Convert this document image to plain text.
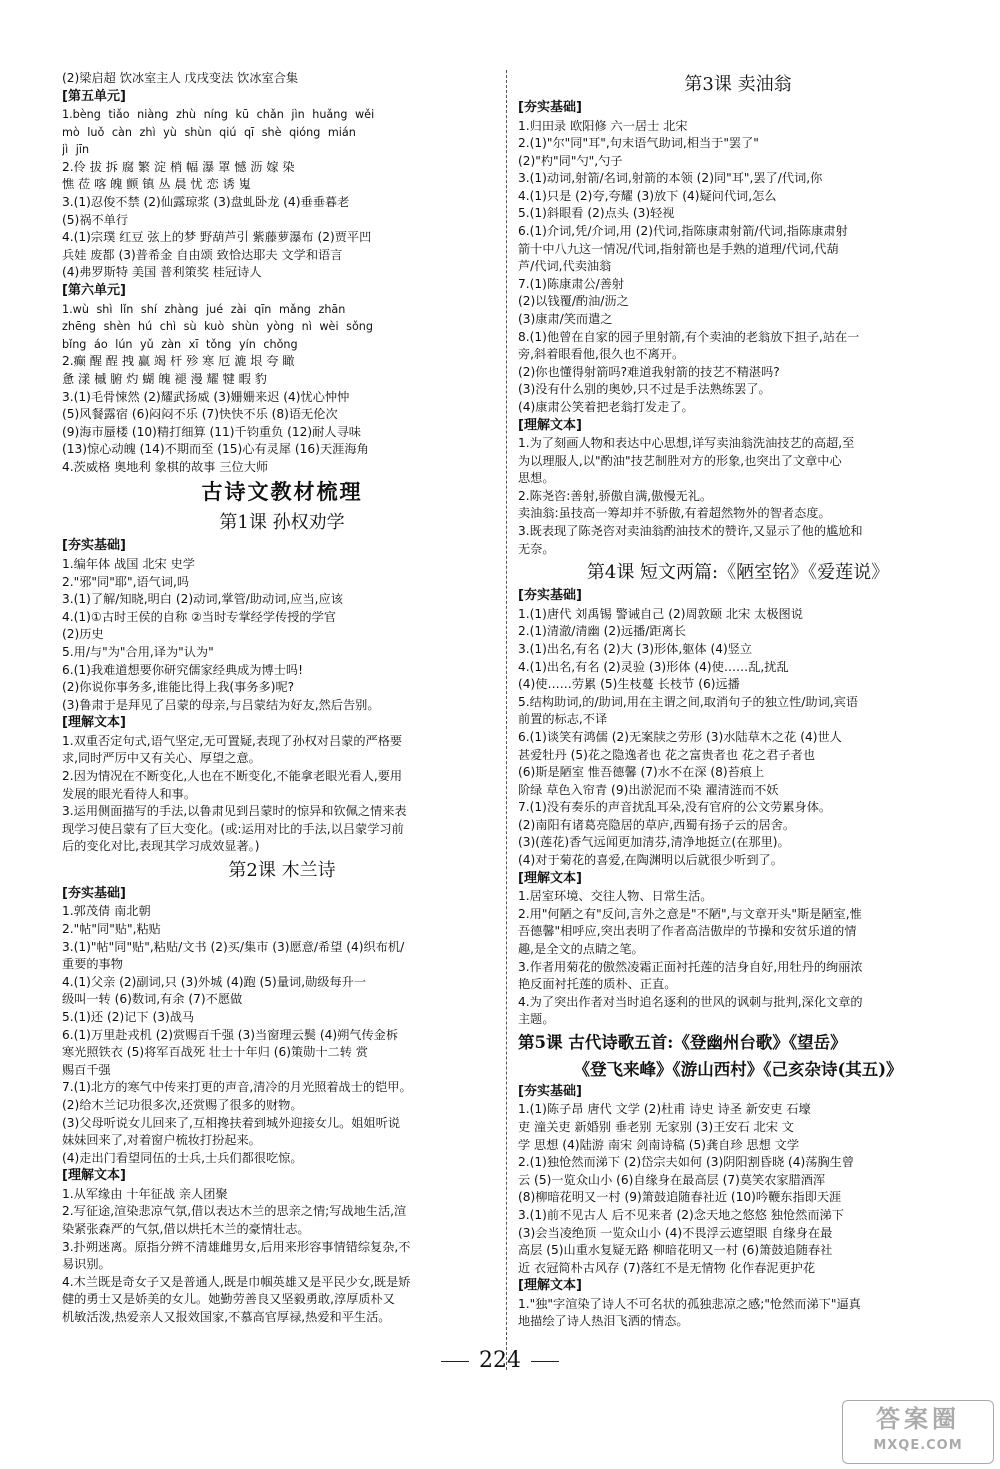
(2)梁启超 饮冰室主人 戊戌变法 饮冰室合集
[第五单元]
1.bèng tiǎo niàng zhù níng kū chǎn jìn huǎng wěi
mò luǒ càn zhì yù shùn qiú qī shè qióng mián
jì jīn
2.伶 拔 拆 腐 繁 淀 梢 幅 瀑 罩 憾 沥 嫁 染
憔 莅 喀 魄 颤 镇 丛 晨 忧 恋 诱 嵬
3.(1)忍俊不禁 (2)仙露琼浆 (3)盘虬卧龙 (4)垂垂暮老
(5)祸不单行
4.(1)宗璞 红豆 弦上的梦 野葫芦引 紫藤萝瀑布 (2)贾平凹
兵娃 废都 (3)普希金 自由颂 致恰达耶夫 文学和语言
(4)弗罗斯特 美国 普利策奖 桂冠诗人
[第六单元]
1.wù shì lǐn shí zhàng jué zài qīn mǎng zhān
zhēng shèn hú chì sù kuò shùn yòng nì wèi sǒng
bǐng áo lún yǔ zàn xī tǒng yín chǒng
2.癫 醒 酲 拽 赢 竭 杆 殄 寒 厄 漉 垠 夸 瞰
惫 漾 槭 腑 灼 蝴 魄 褪 漫 耀 犍 暇 豹
3.(1)毛骨悚然 (2)耀武扬威 (3)姗姗来迟 (4)忧心忡忡
(5)风餐露宿 (6)闷闷不乐 (7)快快不乐 (8)语无伦次
(9)海市蜃楼 (10)精打细算 (11)千钧重负 (12)耐人寻味
(13)惊心动魄 (14)不期而至 (15)心有灵犀 (16)天涯海角
4.茨威格 奥地利 象棋的故事 三位大师
古诗文教材梳理
第1课 孙权劝学
[夯实基础]
1.编年体 战国 北宋 史学
2."邪"同"耶",语气词,吗
3.(1)了解/知晓,明白 (2)动词,掌管/助动词,应当,应该
4.(1)①古时王侯的自称 ②当时专掌经学传授的学官
(2)历史
5.用/与"为"合用,译为"认为"
6.(1)我难道想要你研究儒家经典成为博士吗!
(2)你说你事务多,谁能比得上我(事务多)呢?
(3)鲁肃于是拜见了吕蒙的母亲,与吕蒙结为好友,然后告别。
[理解文本]
1.双重否定句式,语气坚定,无可置疑,表现了孙权对吕蒙的严格要
求,同时严厉中又有关心、厚望之意。
2.因为情况在不断变化,人也在不断变化,不能拿老眼光看人,要用
发展的眼光看待人和事。
3.运用侧面描写的手法,以鲁肃见到吕蒙时的惊异和钦佩之情来表
现学习使吕蒙有了巨大变化。(或:运用对比的手法,以吕蒙学习前
后的变化对比,表现其学习成效显著。)
第2课 木兰诗
[夯实基础]
1.郭茂倩 南北朝
2."帖"同"贴",粘贴
3.(1)"帖"同"贴",粘贴/文书 (2)买/集市 (3)愿意/希望 (4)织布机/
重要的事物
4.(1)父亲 (2)副词,只 (3)外城 (4)跑 (5)量词,勋级每升一
级叫一转 (6)数词,有余 (7)不愿做
5.(1)还 (2)记下 (3)战马
6.(1)万里赴戎机 (2)赏赐百千强 (3)当窗理云鬓 (4)朔气传金柝
寒光照铁衣 (5)将军百战死 壮士十年归 (6)策勋十二转 赏
赐百千强
7.(1)北方的寒气中传来打更的声音,清冷的月光照着战士的铠甲。
(2)给木兰记功很多次,还赏赐了很多的财物。
(3)父母听说女儿回来了,互相搀扶着到城外迎接女儿。姐姐听说
妹妹回来了,对着窗户梳妆打扮起来。
(4)走出门看望同伍的士兵,士兵们都很吃惊。
[理解文本]
1.从军缘由 十年征战 亲人团聚
2.写征途,渲染悲凉气氛,借以表达木兰的思亲之情;写战地生活,渲
染紧张森严的气氛,借以烘托木兰的豪情壮志。
3.扑朔迷离。原指分辨不清雄雌男女,后用来形容事情错综复杂,不
易识别。
4.木兰既是奇女子又是普通人,既是巾帼英雄又是平民少女,既是矫
健的勇士又是娇美的女儿。她勤劳善良又坚毅勇敢,淳厚质朴又
机敏活泼,热爱亲人又报效国家,不慕高官厚禄,热爱和平生活。
第3课 卖油翁
[夯实基础]
1.归田录 欧阳修 六一居士 北宋
2.(1)"尔"同"耳",句末语气助词,相当于"罢了"
(2)"杓"同"勺",勺子
3.(1)动词,射箭/名词,射箭的本领 (2)同"耳",罢了/代词,你
4.(1)只是 (2)夸,夸耀 (3)放下 (4)疑问代词,怎么
5.(1)斜眼看 (2)点头 (3)轻视
6.(1)介词,凭/介词,用 (2)代词,指陈康肃射箭/代词,指陈康肃射
箭十中八九这一情况/代词,指射箭也是手熟的道理/代词,代葫
芦/代词,代卖油翁
7.(1)陈康肃公/善射
(2)以钱覆/酌油/沥之
(3)康肃/笑而遣之
8.(1)他曾在自家的园子里射箭,有个卖油的老翁放下担子,站在一
旁,斜着眼看他,很久也不离开。
(2)你也懂得射箭吗?难道我射箭的技艺不精湛吗?
(3)没有什么别的奥妙,只不过是手法熟练罢了。
(4)康肃公笑着把老翁打发走了。
[理解文本]
1.为了刻画人物和表达中心思想,详写卖油翁洗油技艺的高超,至
为以理服人,以"酌油"技艺制胜对方的形象,也突出了文章中心
思想。
2.陈尧咨:善射,骄傲自满,傲慢无礼。
卖油翁:虽技高一筹却并不骄傲,有着超然物外的智者态度。
3.既表现了陈尧咨对卖油翁酌油技术的赞许,又显示了他的尴尬和
无奈。
第4课 短文两篇:《陋室铭》《爱莲说》
[夯实基础]
1.(1)唐代 刘禹锡 警诫自己 (2)周敦颐 北宋 太极图说
2.(1)清澈/清幽 (2)远播/距离长
3.(1)出名,有名 (2)大 (3)形体,躯体 (4)竖立
4.(1)出名,有名 (2)灵验 (3)形体 (4)使……乱,扰乱
(4)使……劳累 (5)生枝蔓 长枝节 (6)远播
5.结构助词,的/助词,用在主谓之间,取消句子的独立性/助词,宾语
前置的标志,不译
6.(1)谈笑有鸿儒 (2)无案牍之劳形 (3)水陆草木之花 (4)世人
甚爱牡丹 (5)花之隐逸者也 花之富贵者也 花之君子者也
(6)斯是陋室 惟吾德馨 (7)水不在深 (8)苔痕上
阶绿 草色入帘青 (9)出淤泥而不染 濯清涟而不妖
7.(1)没有奏乐的声音扰乱耳朵,没有官府的公文劳累身体。
(2)南阳有诸葛亮隐居的草庐,西蜀有扬子云的居舍。
(3)(莲花)香气远闻更加清芬,清净地挺立(在那里)。
(4)对于菊花的喜爱,在陶渊明以后就很少听到了。
[理解文本]
1.居室环境、交往人物、日常生活。
2.用"何陋之有"反问,言外之意是"不陋",与文章开头"斯是陋室,惟
吾德馨"相呼应,突出表明了作者高洁傲岸的节操和安贫乐道的情
趣,是全文的点睛之笔。
3.作者用菊花的傲然凌霜正面衬托莲的洁身自好,用牡丹的绚丽浓
艳反面衬托莲的质朴、正直。
4.为了突出作者对当时追名逐利的世风的讽刺与批判,深化文章的
主题。
第5课 古代诗歌五首:《登幽州台歌》《望岳》
《登飞来峰》《游山西村》《己亥杂诗(其五)》
[夯实基础]
1.(1)陈子昂 唐代 文学 (2)杜甫 诗史 诗圣 新安吏 石壕
吏 潼关吏 新婚别 垂老别 无家别 (3)王安石 北宋 文
学 思想 (4)陆游 南宋 剑南诗稿 (5)龚自珍 思想 文学
2.(1)独怆然而涕下 (2)岱宗夫如何 (3)阴阳割昏晓 (4)荡胸生曾
云 (5)一览众山小 (6)自缘身在最高层 (7)莫笑农家腊酒浑
(8)柳暗花明又一村 (9)箫鼓追随春社近 (10)吟鞭东指即天涯
3.(1)前不见古人 后不见来者 (2)念天地之悠悠 独怆然而涕下
(3)会当凌绝顶 一览众山小 (4)不畏浮云遮望眼 自缘身在最
高层 (5)山重水复疑无路 柳暗花明又一村 (6)箫鼓追随春社
近 衣冠简朴古风存 (7)落红不是无情物 化作春泥更护花
[理解文本]
1."独"字渲染了诗人不可名状的孤独悲凉之感;"怆然而涕下"逼真
地描绘了诗人热泪飞洒的情态。
224
答案圈
MXQE.COM
